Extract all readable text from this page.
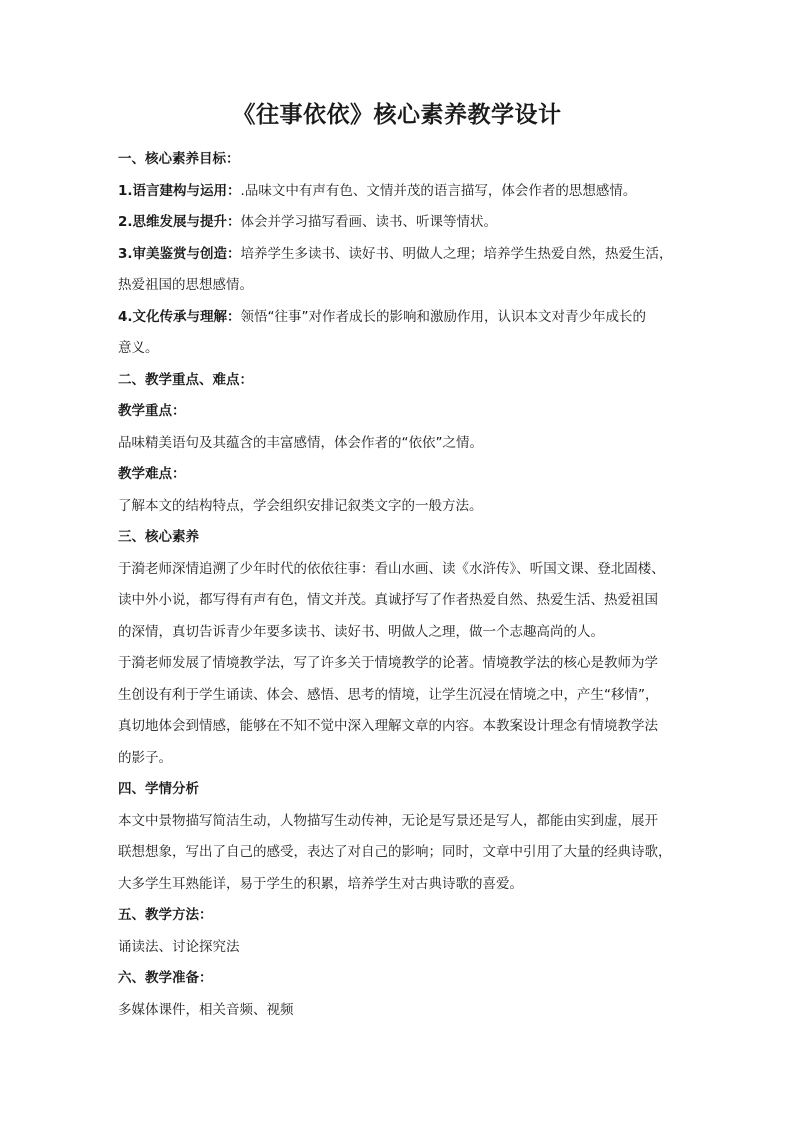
《往事依依》核心素养教学设计

一、核心素养目标：

1.语言建构与运用：.品味文中有声有色、文情并茂的语言描写，体会作者的思想感情。

2.思维发展与提升：体会并学习描写看画、读书、听课等情状。

3.审美鉴赏与创造：培养学生多读书、读好书、明做人之理；培养学生热爱自然，热爱生活，

热爱祖国的思想感情。

4.文化传承与理解：领悟“往事”对作者成长的影响和激励作用，认识本文对青少年成长的

意义。

二、教学重点、难点：

教学重点：

品味精美语句及其蕴含的丰富感情，体会作者的“依依”之情。

教学难点：

了解本文的结构特点，学会组织安排记叙类文字的一般方法。

三、核心素养

于漪老师深情追溯了少年时代的依依往事：看山水画、读《水浒传》、听国文课、登北固楼、

读中外小说，都写得有声有色，情文并茂。真诚抒写了作者热爱自然、热爱生活、热爱祖国

的深情，真切告诉青少年要多读书、读好书、明做人之理，做一个志趣高尚的人。

于漪老师发展了情境教学法，写了许多关于情境教学的论著。情境教学法的核心是教师为学

生创设有利于学生诵读、体会、感悟、思考的情境，让学生沉浸在情境之中，产生“移情”，

真切地体会到情感，能够在不知不觉中深入理解文章的内容。本教案设计理念有情境教学法

的影子。

四、学情分析

本文中景物描写简洁生动，人物描写生动传神，无论是写景还是写人，都能由实到虚，展开

联想想象，写出了自己的感受，表达了对自己的影响；同时，文章中引用了大量的经典诗歌，

大多学生耳熟能详，易于学生的积累，培养学生对古典诗歌的喜爱。

五、教学方法：

诵读法、讨论探究法

六、教学准备：

多媒体课件，相关音频、视频
